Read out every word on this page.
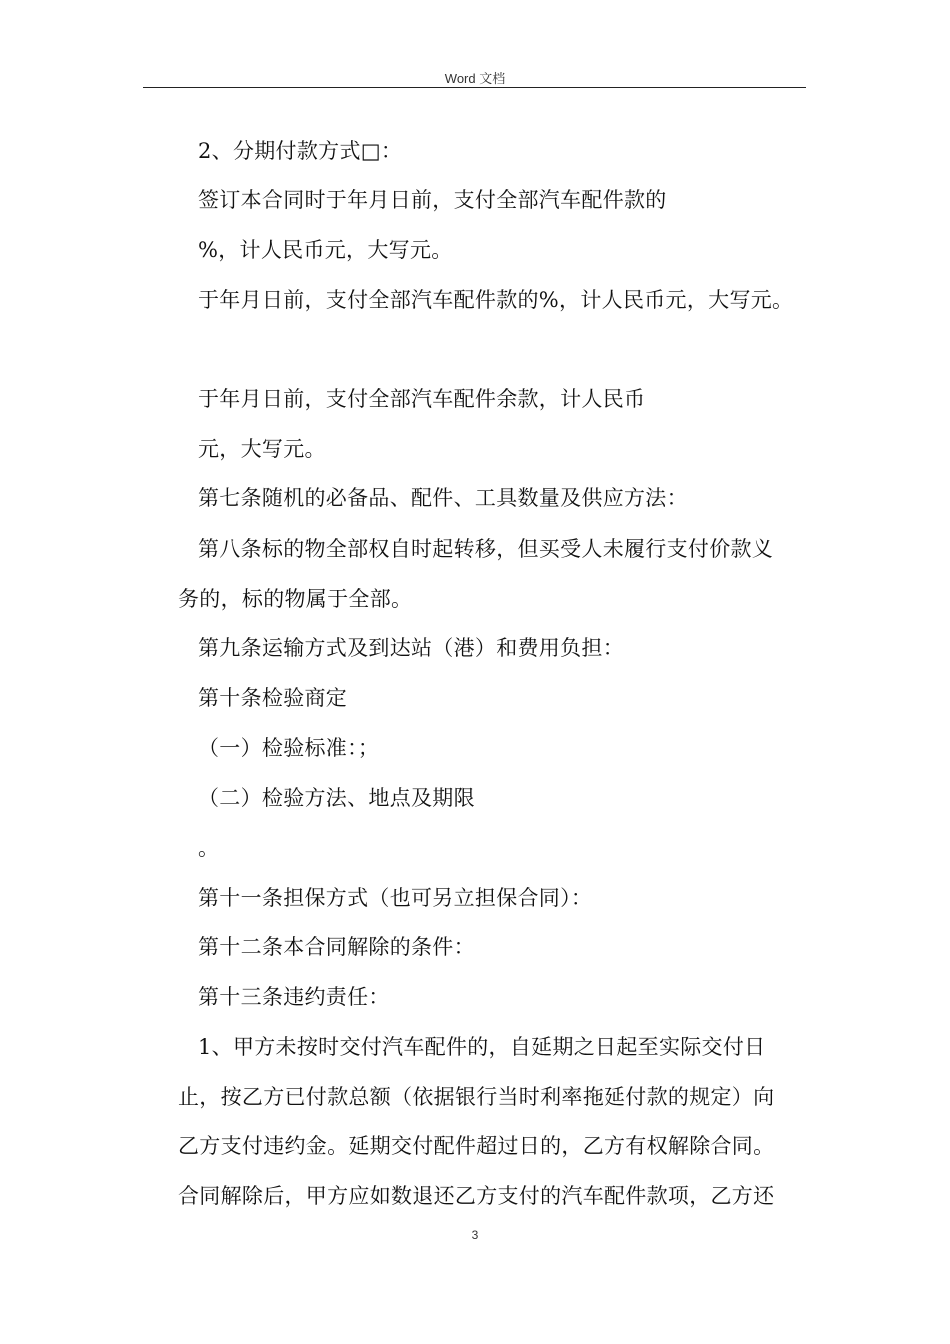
Word 文档
2、分期付款方式□：
签订本合同时于年月日前，支付全部汽车配件款的
%，计人民币元，大写元。
于年月日前，支付全部汽车配件款的%，计人民币元，大写元。
于年月日前，支付全部汽车配件余款，计人民币
元，大写元。
第七条随机的必备品、配件、工具数量及供应方法：
第八条标的物全部权自时起转移，但买受人未履行支付价款义
务的，标的物属于全部。
第九条运输方式及到达站（港）和费用负担：
第十条检验商定
（一）检验标准：；
（二）检验方法、地点及期限
。
第十一条担保方式（也可另立担保合同）：
第十二条本合同解除的条件：
第十三条违约责任：
1、甲方未按时交付汽车配件的，自延期之日起至实际交付日
止，按乙方已付款总额（依据银行当时利率拖延付款的规定）向
乙方支付违约金。延期交付配件超过日的，乙方有权解除合同。
合同解除后，甲方应如数退还乙方支付的汽车配件款项，乙方还
3
